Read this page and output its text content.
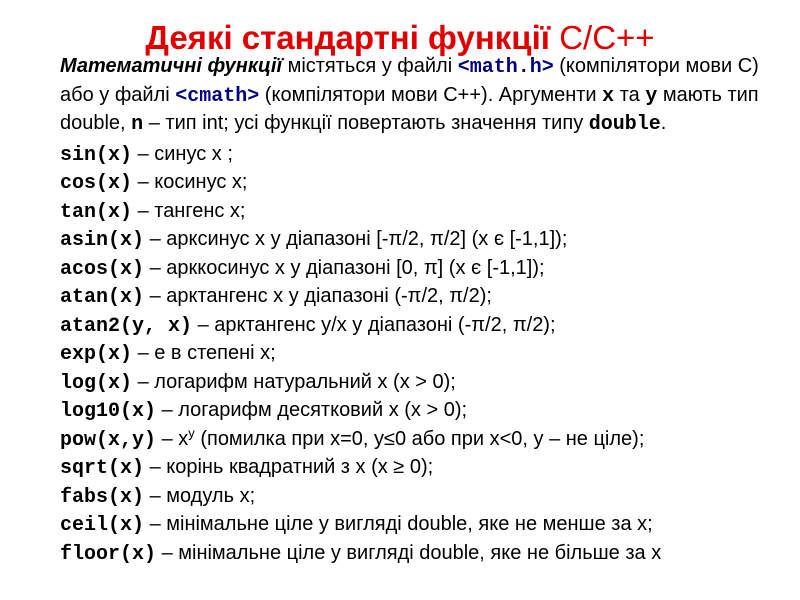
Деякі стандартні функції C/C++
Математичні функції містяться у файлі <math.h> (компілятори мови С) або у файлі <cmath> (компілятори мови С++). Аргументи x та y мають тип double, n – тип int; усі функції повертають значення типу double.
sin(x) – синус х ;
cos(x) – косинус х;
tan(x) – тангенс х;
asin(x) – арксинус х у діапазоні [-π/2, π/2] (х є [-1,1]);
acos(x) – арккосинус х у діапазоні [0, π] (х є [-1,1]);
atan(x) – арктангенс х у діапазоні (-π/2, π/2);
atan2(y, x) – арктангенс у/х у діапазоні (-π/2, π/2);
exp(x) – е в степені х;
log(x) – логарифм натуральний х (х > 0);
log10(x) – логарифм десятковий х (х > 0);
$pow(x,y) - х^у$ (помилка при х=0, у≤0 або при х<0, у – не ціле);
sqrt(x) – корінь квадратний з х (х ≥ 0);
fabs(x) – модуль х;
ceil(x) – мінімальне ціле у вигляді double, яке не менше за х;
floor(x) – мінімальне ціле у вигляді double, яке не більше за х
